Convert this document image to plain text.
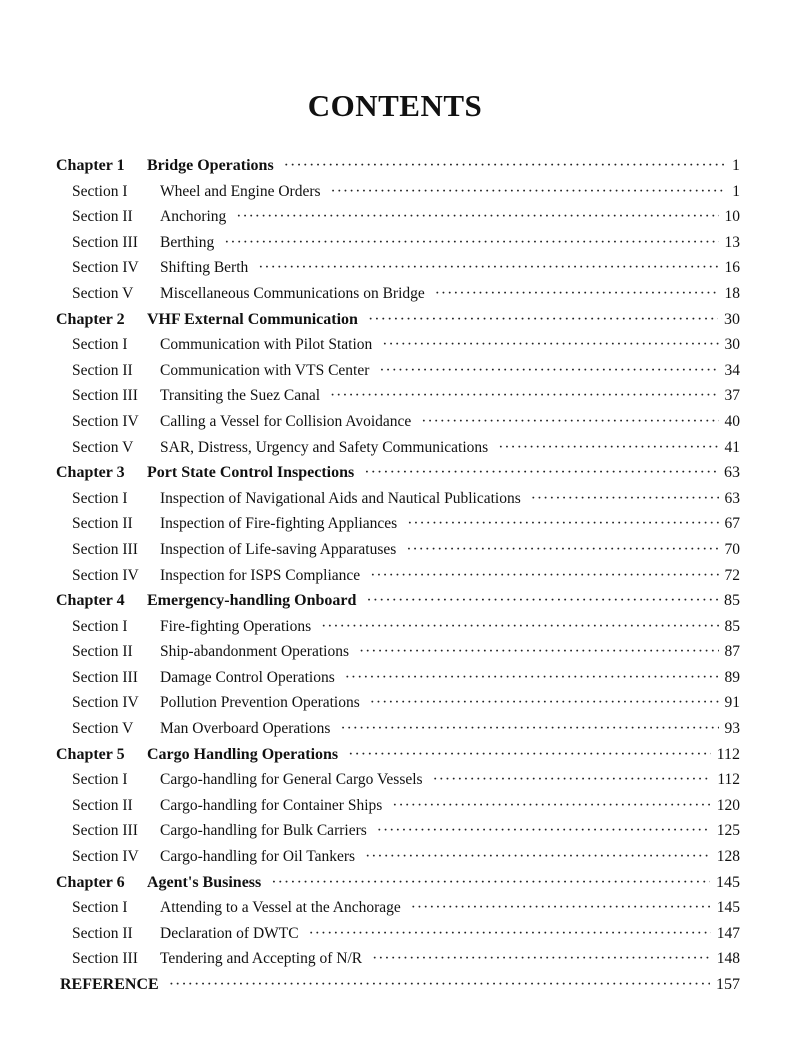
CONTENTS
Chapter 1	Bridge Operations ·····	1
Section I	Wheel and Engine Orders ·····	1
Section II	Anchoring ·····	10
Section III	Berthing ·····	13
Section IV	Shifting Berth ·····	16
Section V	Miscellaneous Communications on Bridge ·····	18
Chapter 2	VHF External Communication ·····	30
Section I	Communication with Pilot Station ·····	30
Section II	Communication with VTS Center ·····	34
Section III	Transiting the Suez Canal ·····	37
Section IV	Calling a Vessel for Collision Avoidance ·····	40
Section V	SAR, Distress, Urgency and Safety Communications ·····	41
Chapter 3	Port State Control Inspections ·····	63
Section I	Inspection of Navigational Aids and Nautical Publications ·····	63
Section II	Inspection of Fire-fighting Appliances ·····	67
Section III	Inspection of Life-saving Apparatuses ·····	70
Section IV	Inspection for ISPS Compliance ·····	72
Chapter 4	Emergency-handling Onboard ·····	85
Section I	Fire-fighting Operations ·····	85
Section II	Ship-abandonment Operations ·····	87
Section III	Damage Control Operations ·····	89
Section IV	Pollution Prevention Operations ·····	91
Section V	Man Overboard Operations ·····	93
Chapter 5	Cargo Handling Operations ·····	112
Section I	Cargo-handling for General Cargo Vessels ·····	112
Section II	Cargo-handling for Container Ships ·····	120
Section III	Cargo-handling for Bulk Carriers ·····	125
Section IV	Cargo-handling for Oil Tankers ·····	128
Chapter 6	Agent's Business ·····	145
Section I	Attending to a Vessel at the Anchorage ·····	145
Section II	Declaration of DWTC ·····	147
Section III	Tendering and Accepting of N/R ·····	148
REFERENCE ·····	157
